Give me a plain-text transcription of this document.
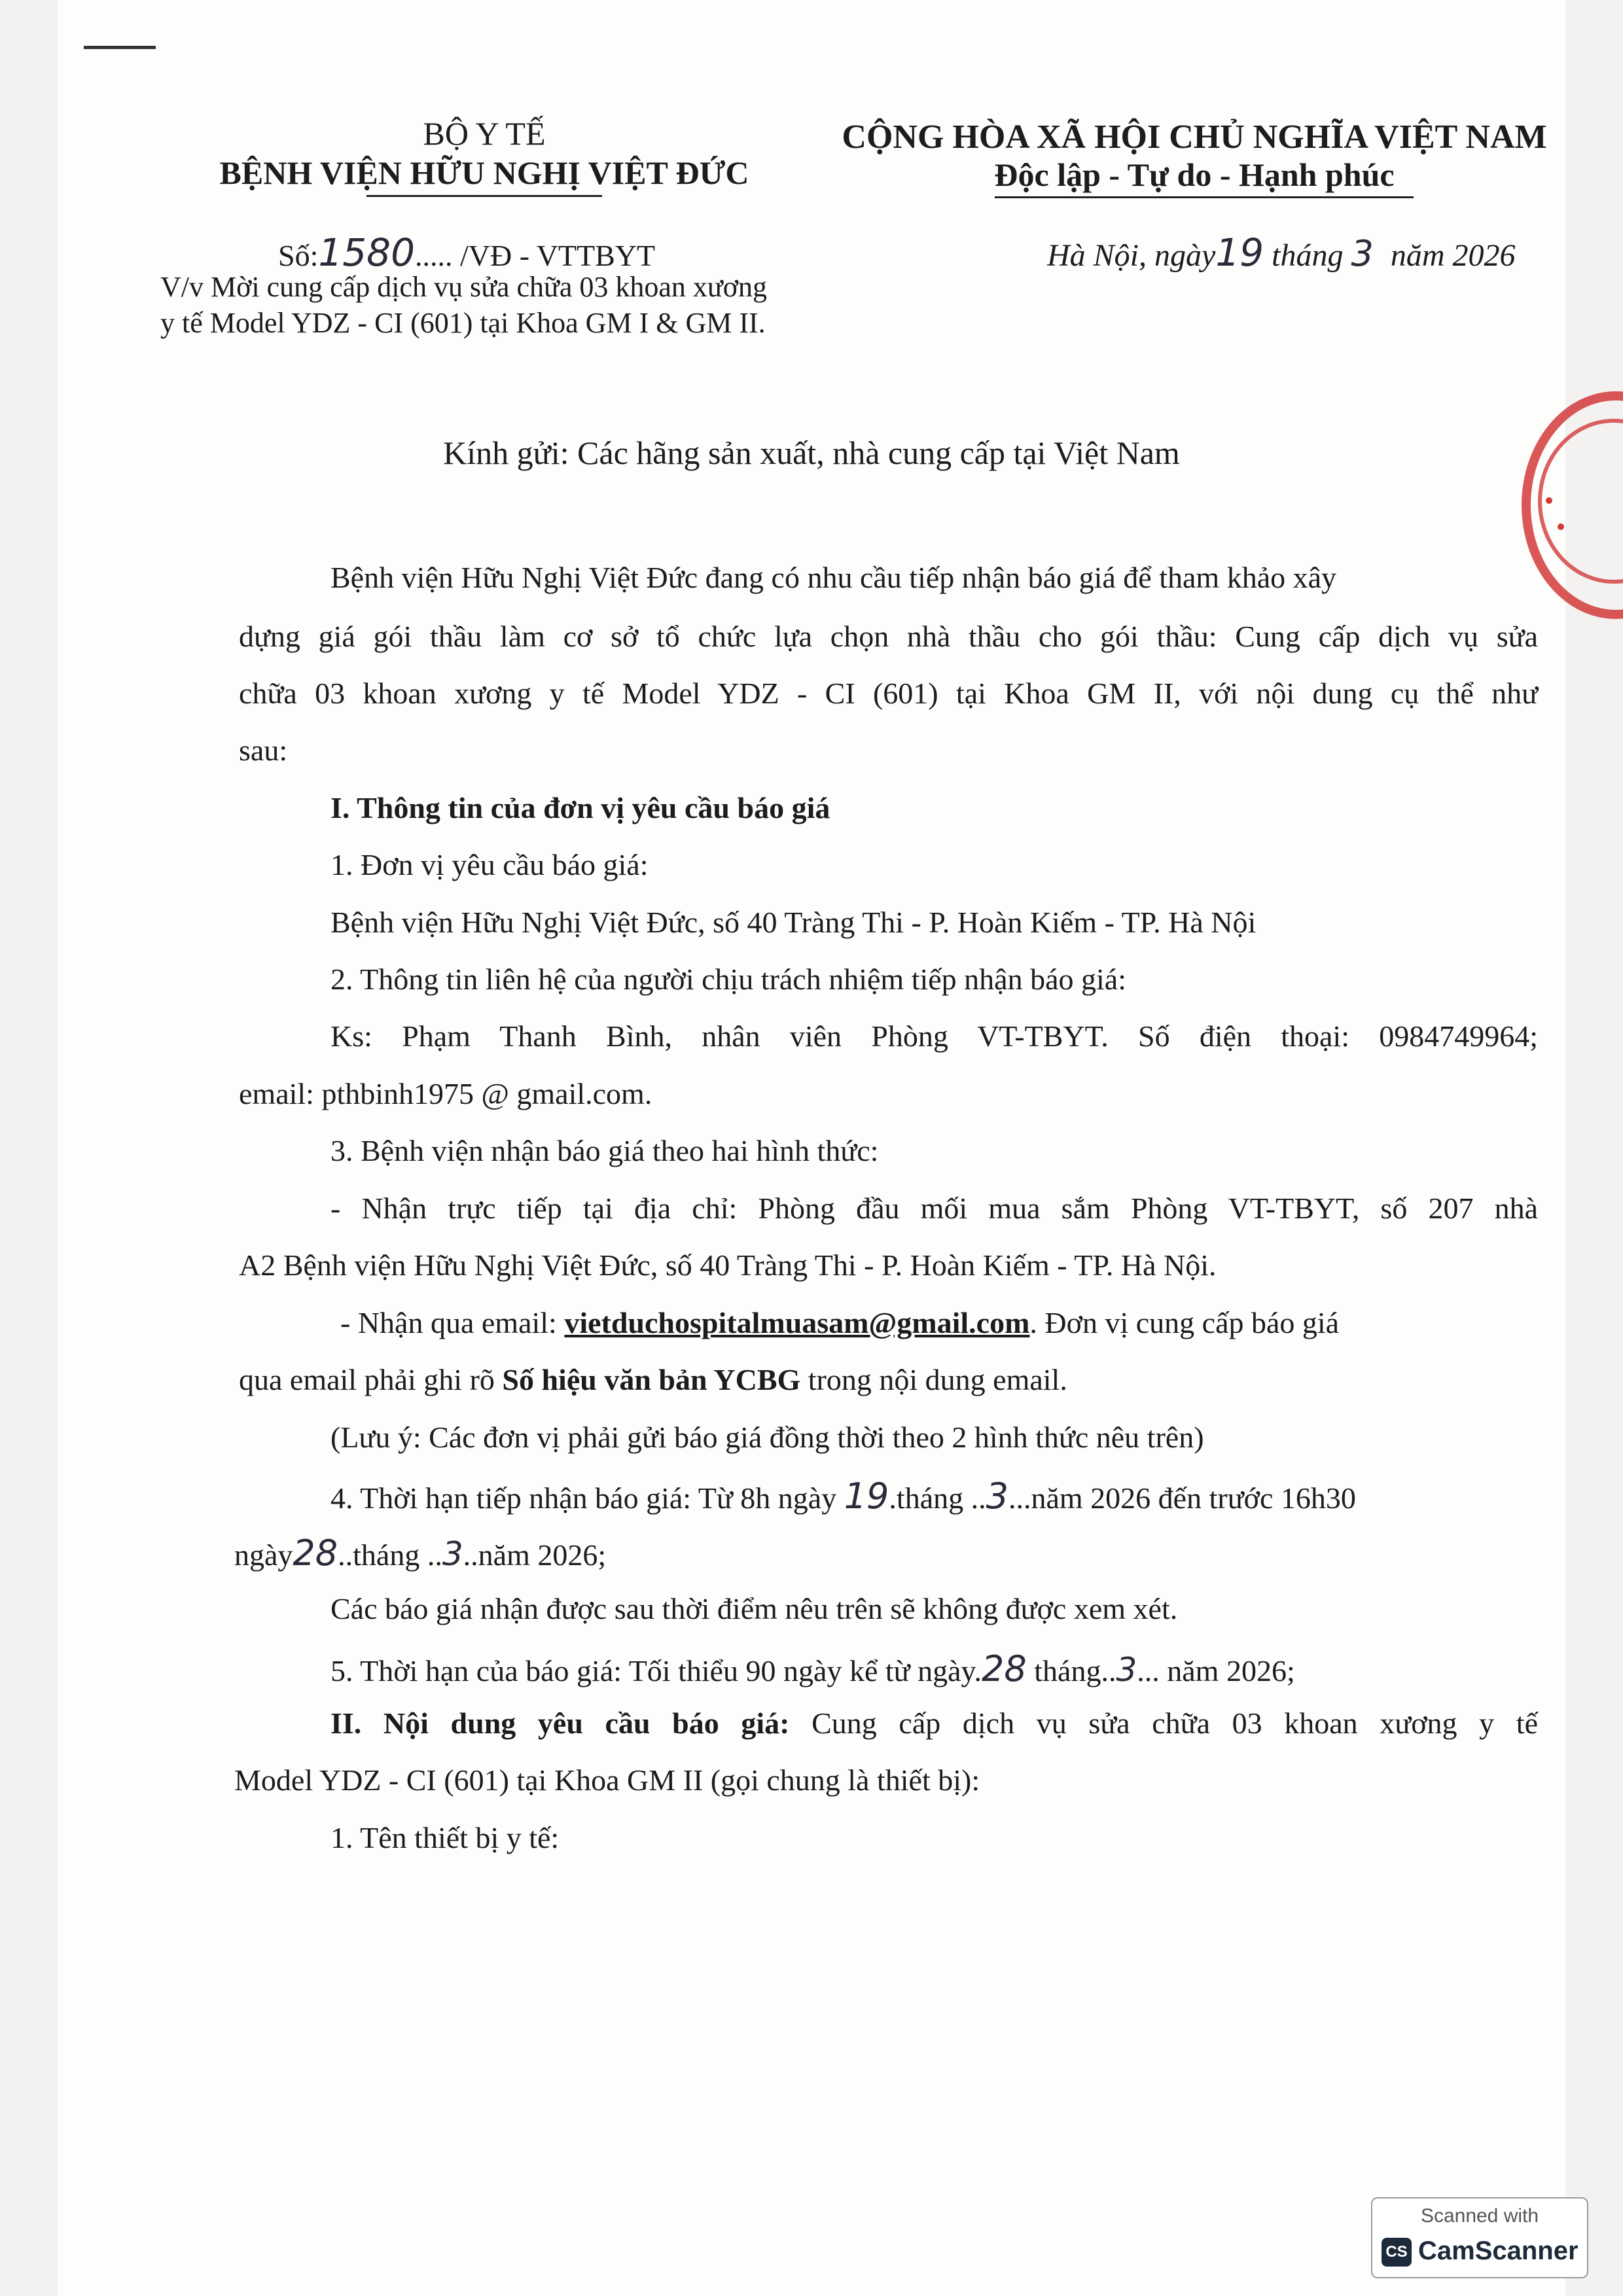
BỘ Y TẾ
BỆNH VIỆN HỮU NGHỊ VIỆT ĐỨC
CỘNG HÒA XÃ HỘI CHỦ NGHĨA VIỆT NAM
Độc lập - Tự do - Hạnh phúc
Số:1580..... /VĐ - VTTBYT	Hà Nội, ngày19 tháng 3 năm 2026
V/v Mời cung cấp dịch vụ sửa chữa 03 khoan xương
y tế Model YDZ - CI (601) tại Khoa GM I & GM II.
Kính gửi: Các hãng sản xuất, nhà cung cấp tại Việt Nam
Bệnh viện Hữu Nghị Việt Đức đang có nhu cầu tiếp nhận báo giá để tham khảo xây
dựng giá gói thầu làm cơ sở tổ chức lựa chọn nhà thầu cho gói thầu: Cung cấp dịch vụ sửa
chữa 03 khoan xương y tế Model YDZ - CI (601) tại Khoa GM II, với nội dung cụ thể như
sau:
I. Thông tin của đơn vị yêu cầu báo giá
1. Đơn vị yêu cầu báo giá:
Bệnh viện Hữu Nghị Việt Đức, số 40 Tràng Thi - P. Hoàn Kiếm - TP. Hà Nội
2. Thông tin liên hệ của người chịu trách nhiệm tiếp nhận báo giá:
Ks: Phạm Thanh Bình, nhân viên Phòng VT-TBYT. Số điện thoại: 0984749964;
email: pthbinh1975 @ gmail.com.
3. Bệnh viện nhận báo giá theo hai hình thức:
- Nhận trực tiếp tại địa chỉ: Phòng đầu mối mua sắm Phòng VT-TBYT, số 207 nhà
A2 Bệnh viện Hữu Nghị Việt Đức, số 40 Tràng Thi - P. Hoàn Kiếm - TP. Hà Nội.
- Nhận qua email: vietduchospitalmuasam@gmail.com. Đơn vị cung cấp báo giá
qua email phải ghi rõ Số hiệu văn bản YCBG trong nội dung email.
(Lưu ý: Các đơn vị phải gửi báo giá đồng thời theo 2 hình thức nêu trên)
4. Thời hạn tiếp nhận báo giá: Từ 8h ngày 19.tháng ..3...năm 2026 đến trước 16h30
ngày28..tháng ..3..năm 2026;
Các báo giá nhận được sau thời điểm nêu trên sẽ không được xem xét.
5. Thời hạn của báo giá: Tối thiểu 90 ngày kể từ ngày.28 tháng..3... năm 2026;
II. Nội dung yêu cầu báo giá: Cung cấp dịch vụ sửa chữa 03 khoan xương y tế
Model YDZ - CI (601) tại Khoa GM II (gọi chung là thiết bị):
1. Tên thiết bị y tế:
Scanned with
CS CamScanner
